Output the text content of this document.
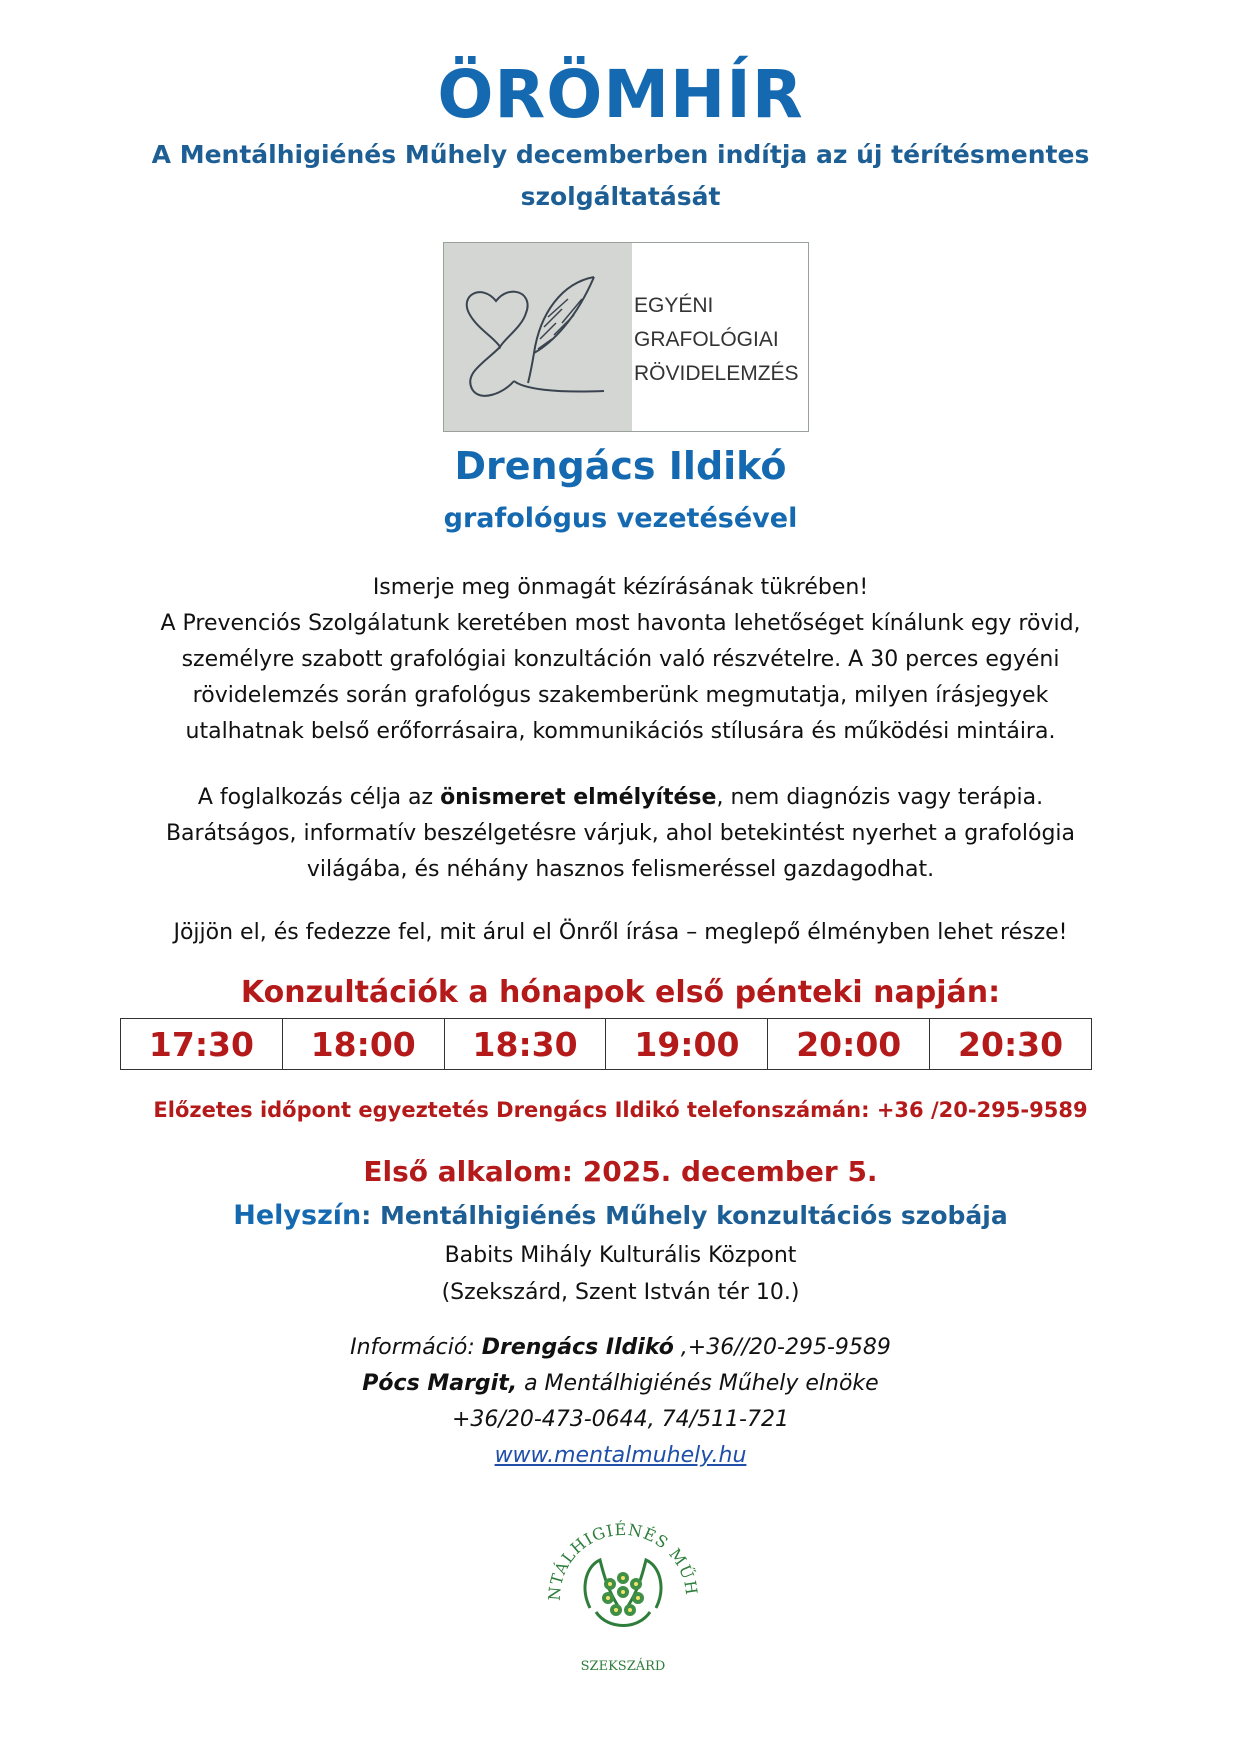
ÖRÖMHÍR
A Mentálhigiénés Műhely decemberben indítja az új térítésmentes
szolgáltatását
EGYÉNI
GRAFOLÓGIAI
RÖVIDELEMZÉS
Drengács Ildikó
grafológus vezetésével
Ismerje meg önmagát kézírásának tükrében!
A Prevenciós Szolgálatunk keretében most havonta lehetőséget kínálunk egy rövid,
személyre szabott grafológiai konzultáción való részvételre. A 30 perces egyéni
rövidelemzés során grafológus szakemberünk megmutatja, milyen írásjegyek
utalhatnak belső erőforrásaira, kommunikációs stílusára és működési mintáira.
A foglalkozás célja az önismeret elmélyítése, nem diagnózis vagy terápia.
Barátságos, informatív beszélgetésre várjuk, ahol betekintést nyerhet a grafológia
világába, és néhány hasznos felismeréssel gazdagodhat.
Jöjjön el, és fedezze fel, mit árul el Önről írása – meglepő élményben lehet része!
Konzultációk a hónapok első pénteki napján:
17:30	18:00	18:30	19:00	20:00	20:30
Előzetes időpont egyeztetés Drengács Ildikó telefonszámán: +36 /20-295-9589
Első alkalom: 2025. december 5.
Helyszín: Mentálhigiénés Műhely konzultációs szobája
Babits Mihály Kulturális Központ
(Szekszárd, Szent István tér 10.)
Információ: Drengács Ildikó ,+36//20-295-9589
Pócs Margit, a Mentálhigiénés Műhely elnöke
+36/20-473-0644, 74/511-721
www.mentalmuhely.hu
NTÁLHIGIÉNÉS MŰH
SZEKSZÁRD
